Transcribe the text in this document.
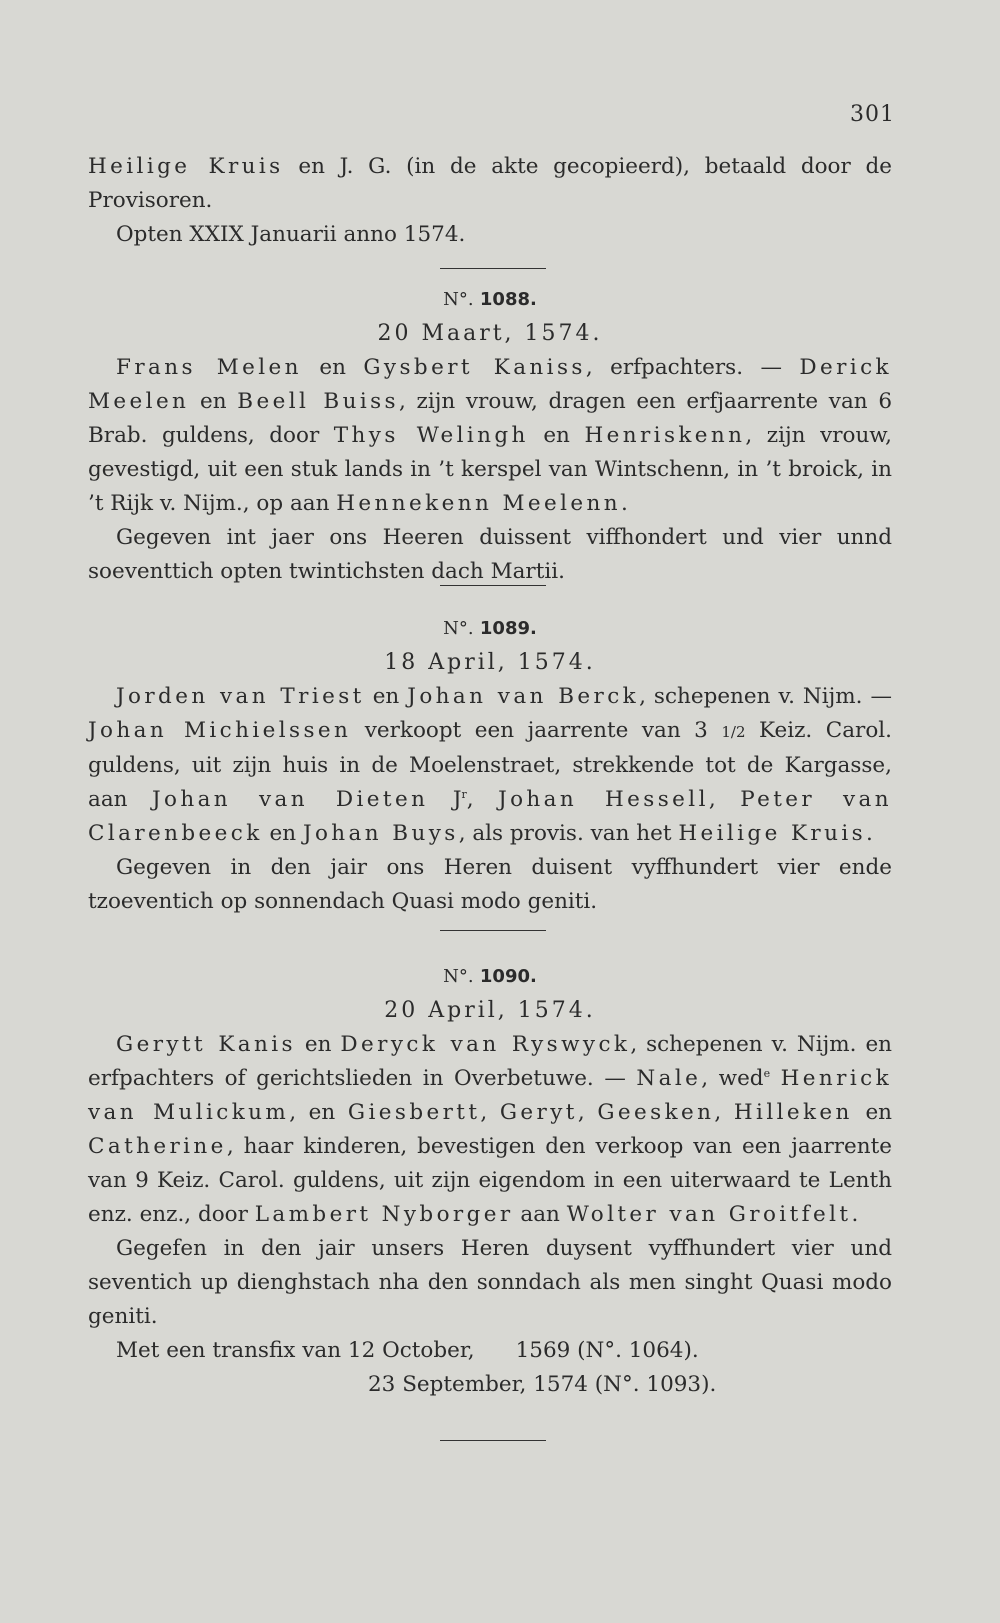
301

Heilige Kruis en J. G. (in de akte gecopieerd), betaald door de Provisoren.

Opten XXIX Januarii anno 1574.

N°. 1088.
20 Maart, 1574.

Frans Melen en Gysbert Kaniss, erfpachters. — Derick Meelen en Beell Buiss, zijn vrouw, dragen een erfjaarrente van 6 Brab. guldens, door Thys Welingh en Henriskenn, zijn vrouw, gevestigd, uit een stuk lands in ’t kerspel van Wintschenn, in ’t broick, in ’t Rijk v. Nijm., op aan Hennekenn Meelenn.

Gegeven int jaer ons Heeren duissent viffhondert und vier unnd soeventtich opten twintichsten dach Martii.

N°. 1089.
18 April, 1574.

Jorden van Triest en Johan van Berck, schepenen v. Nijm. — Johan Michielssen verkoopt een jaarrente van 3 1/2 Keiz. Carol. guldens, uit zijn huis in de Moelenstraet, strekkende tot de Kargasse, aan Johan van Dieten $J^r$, Johan Hessell, Peter van Clarenbeeck en Johan Buys, als provis. van het Heilige Kruis.

Gegeven in den jair ons Heren duisent vyffhundert vier ende tzoeventich op sonnendach Quasi modo geniti.

N°. 1090.
20 April, 1574.

Gerytt Kanis en Deryck van Ryswyck, schepenen v. Nijm. en erfpachters of gerichtslieden in Overbetuwe. — Nale, wed$^e$ Henrick van Mulickum, en Giesbertt, Geryt, Geesken, Hilleken en Catherine, haar kinderen, bevestigen den verkoop van een jaarrente van 9 Keiz. Carol. guldens, uit zijn eigendom in een uiterwaard te Lenth enz. enz., door Lambert Nyborger aan Wolter van Groitfelt.

Gegefen in den jair unsers Heren duysent vyffhundert vier und seventich up dienghstach nha den sonndach als men singht Quasi modo geniti.

Met een transfix van 12 October,      1569 (N°. 1064).

23 September, 1574 (N°. 1093).
